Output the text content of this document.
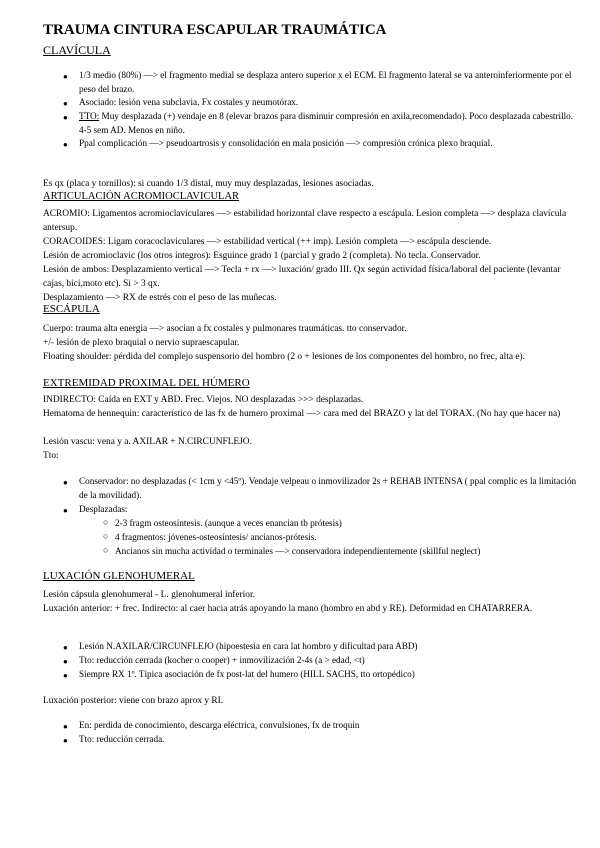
TRAUMA CINTURA ESCAPULAR TRAUMÁTICA
CLAVÍCULA
● 1/3 medio (80%) —> el fragmento medial se desplaza antero superior x el ECM. El fragmento lateral se va anteroinferiormente por el peso del brazo.
● Asociado: lesión vena subclavia. Fx costales y neumotórax.
● TTO: Muy desplazada (+) vendaje en 8 (elevar brazos para disminuir compresión en axila,recomendado). Poco desplazada cabestrillo. 4-5 sem AD. Menos en niño.
● Ppal complicación —> pseudoartrosis y consolidación en mala posición —> compresión crónica plexo braquial.
Es qx (placa y tornillos): si cuando 1/3 distal, muy muy desplazadas, lesiones asociadas.
ARTICULACIÓN ACROMIOCLAVICULAR
ACROMIO: Ligamentos acromioclaviculares —> estabilidad horizontal clave respecto a escápula. Lesion completa —> desplaza clavícula antersup.
CORACOIDES: Ligam coracoclaviculares —> estabilidad vertical (++ imp). Lesión completa —> escápula desciende.
Lesión de acromioclavic (los otros integros): Esguince grado 1 (parcial y grado 2 (completa). No tecla. Conservador.
Lesión de ambos: Desplazamiento vertical —> Tecla + rx —> luxación/ grado III. Qx según actividad física/laboral del paciente (levantar cajas, bici,moto etc). Si > 3 qx.
Desplazamiento —> RX de estrés con el peso de las muñecas.
ESCÁPULA
Cuerpo: trauma alta energia —> asocian a fx costales y pulmonares traumáticas. tto conservador.
+/- lesión de plexo braquial o nervio supraescapular.
Floating shoulder: pérdida del complejo suspensorio del hombro (2 o + lesiones de los componentes del hombro, no frec, alta e).
EXTREMIDAD PROXIMAL DEL HÚMERO
INDIRECTO: Caída en EXT y ABD. Frec. Viejos. NO desplazadas >>> desplazadas.
Hematoma de hennequin: característico de las fx de humero proximal —> cara med del BRAZO y lat del TORAX. (No hay que hacer na)
Lesión vascu: vena y a. AXILAR + N.CIRCUNFLEJO.
Tto:
● Conservador: no desplazadas (< 1cm y <45º). Vendaje velpeau o inmovilizador 2s + REHAB INTENSA ( ppal complic es la limitación de la movilidad).
● Desplazadas:
○ 2-3 fragm osteosíntesis. (aunque a veces enancian tb prótesis)
○ 4 fragmentos: jóvenes-osteosíntesis/ ancianos-prótesis.
○ Ancianos sin mucha actividad o terminales —> conservadora independientemente (skillful neglect)
LUXACIÓN GLENOHUMERAL
Lesión cápsula glenohumeral - L. glenohumeral inferior.
Luxación anterior: + frec. Indirecto: al caer hacia atrás apoyando la mano (hombro en abd y RE). Deformidad en CHATARRERA.
● Lesión N.AXILAR/CIRCUNFLEJO (hipoestesia en cara lat hombro y dificultad para ABD)
● Tto: reducción cerrada (kocher o cooper) + inmovilización 2-4s (a > edad, <t)
● Siempre RX 1º. Típica asociación de fx post-lat del humero (HILL SACHS, tto ortopédico)
Luxación posterior: viene con brazo aprox y RI.
● En: perdida de conocimiento, descarga eléctrica, convulsiones, fx de troquin
● Tto: reducción cerrada.
